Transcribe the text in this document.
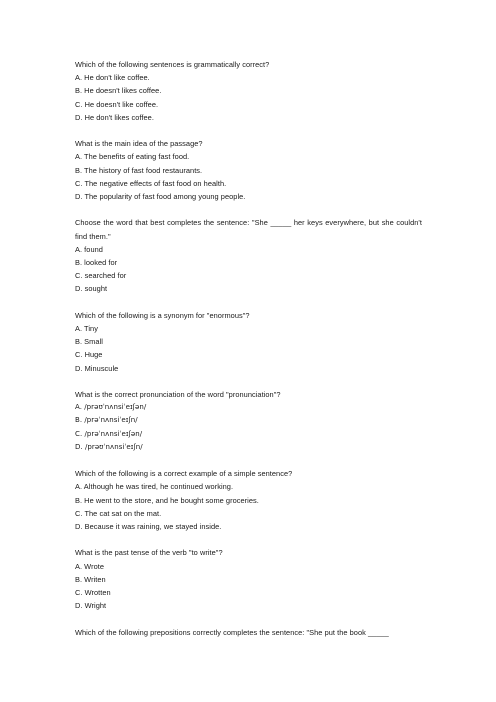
Which of the following sentences is grammatically correct?

A. He don't like coffee.

B. He doesn't likes coffee.

C. He doesn't like coffee.

D. He don't likes coffee.

What is the main idea of the passage?

A. The benefits of eating fast food.

B. The history of fast food restaurants.

C. The negative effects of fast food on health.

D. The popularity of fast food among young people.

Choose the word that best completes the sentence: "She _____ her keys everywhere, but she couldn't find them."

A. found

B. looked for

C. searched for

D. sought

Which of the following is a synonym for "enormous"?

A. Tiny

B. Small

C. Huge

D. Minuscule

What is the correct pronunciation of the word "pronunciation"?

A. /prəʊˈnʌnsiˈeɪʃən/

B. /prəˈnʌnsiˈeɪʃn/

C. /prəˈnʌnsiˈeɪʃən/

D. /prəʊˈnʌnsiˈeɪʃn/

Which of the following is a correct example of a simple sentence?

A. Although he was tired, he continued working.

B. He went to the store, and he bought some groceries.

C. The cat sat on the mat.

D. Because it was raining, we stayed inside.

What is the past tense of the verb "to write"?

A. Wrote

B. Writen

C. Wrotten

D. Wright

Which of the following prepositions correctly completes the sentence: "She put the book _____
